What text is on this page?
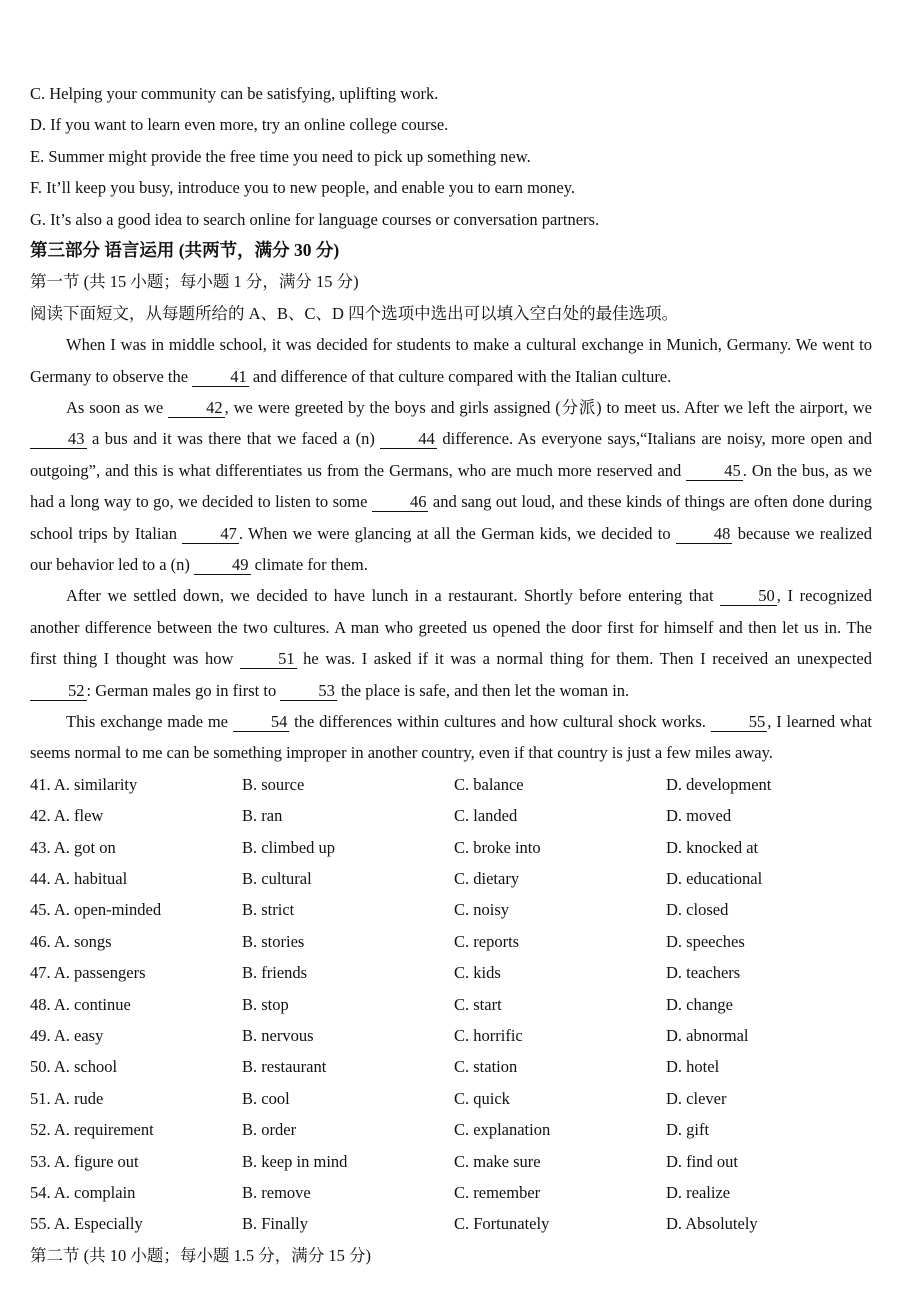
C. Helping your community can be satisfying, uplifting work.
D. If you want to learn even more, try an online college course.
E. Summer might provide the free time you need to pick up something new.
F. It’ll keep you busy, introduce you to new people, and enable you to earn money.
G. It’s also a good idea to search online for language courses or conversation partners.
第三部分 语言运用 (共两节，满分 30 分)
第一节 (共 15 小题；每小题 1 分，满分 15 分)
阅读下面短文，从每题所给的 A、B、C、D 四个选项中选出可以填入空白处的最佳选项。

When I was in middle school, it was decided for students to make a cultural exchange in Munich, Germany. We went to Germany to observe the 41 and difference of that culture compared with the Italian culture.

As soon as we 42 , we were greeted by the boys and girls assigned (分派) to meet us. After we left the airport, we 43 a bus and it was there that we faced a (n) 44 difference. As everyone says,“Italians are noisy, more open and outgoing”, and this is what differentiates us from the Germans, who are much more reserved and 45 . On the bus, as we had a long way to go, we decided to listen to some 46 and sang out loud, and these kinds of things are often done during school trips by Italian 47 . When we were glancing at all the German kids, we decided to 48 because we realized our behavior led to a (n) 49 climate for them.

After we settled down, we decided to have lunch in a restaurant. Shortly before entering that 50 , I recognized another difference between the two cultures. A man who greeted us opened the door first for himself and then let us in. The first thing I thought was how 51 he was. I asked if it was a normal thing for them. Then I received an unexpected 52 : German males go in first to 53 the place is safe, and then let the woman in.

This exchange made me 54 the differences within cultures and how cultural shock works. 55 , I learned what seems normal to me can be something improper in another country, even if that country is just a few miles away.

41. A. similarity	B. source	C. balance	D. development
42. A. flew	B. ran	C. landed	D. moved
43. A. got on	B. climbed up	C. broke into	D. knocked at
44. A. habitual	B. cultural	C. dietary	D. educational
45. A. open-minded	B. strict	C. noisy	D. closed
46. A. songs	B. stories	C. reports	D. speeches
47. A. passengers	B. friends	C. kids	D. teachers
48. A. continue	B. stop	C. start	D. change
49. A. easy	B. nervous	C. horrific	D. abnormal
50. A. school	B. restaurant	C. station	D. hotel
51. A. rude	B. cool	C. quick	D. clever
52. A. requirement	B. order	C. explanation	D. gift
53. A. figure out	B. keep in mind	C. make sure	D. find out
54. A. complain	B. remove	C. remember	D. realize
55. A. Especially	B. Finally	C. Fortunately	D. Absolutely
第二节 (共 10 小题；每小题 1.5 分，满分 15 分)
